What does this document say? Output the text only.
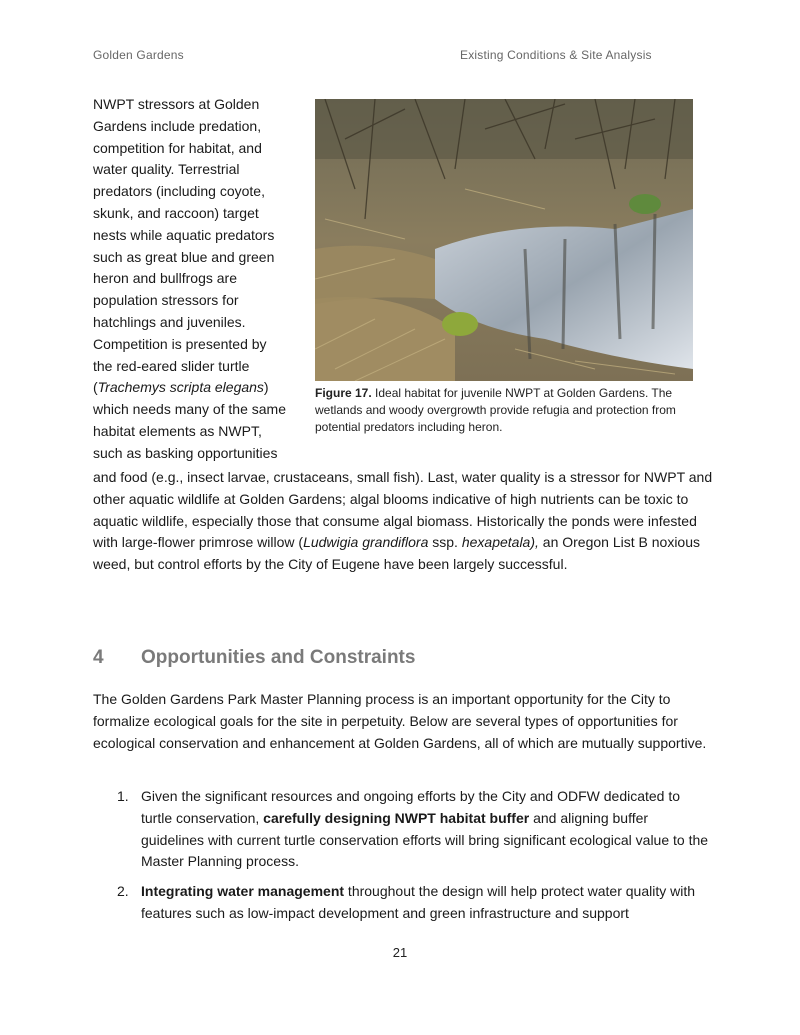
Golden Gardens	Existing Conditions & Site Analysis

NWPT stressors at Golden

Gardens include predation,

competition for habitat, and

water quality. Terrestrial

predators (including coyote,

skunk, and raccoon) target

nests while aquatic predators

such as great blue and green

heron and bullfrogs are

population stressors for

hatchlings and juveniles.

Competition is presented by

the red-eared slider turtle

(Trachemys scripta elegans)

which needs many of the same

habitat elements as NWPT,

such as basking opportunities

Figure 17. Ideal habitat for juvenile NWPT at Golden Gardens. The wetlands and woody overgrowth provide refugia and protection from potential predators including heron.

and food (e.g., insect larvae, crustaceans, small fish). Last, water quality is a stressor for NWPT and other aquatic wildlife at Golden Gardens; algal blooms indicative of high nutrients can be toxic to aquatic wildlife, especially those that consume algal biomass. Historically the ponds were infested with large-flower primrose willow (Ludwigia grandiflora ssp. hexapetala), an Oregon List B noxious weed, but control efforts by the City of Eugene have been largely successful.

4 Opportunities and Constraints

The Golden Gardens Park Master Planning process is an important opportunity for the City to formalize ecological goals for the site in perpetuity. Below are several types of opportunities for ecological conservation and enhancement at Golden Gardens, all of which are mutually supportive.

1. Given the significant resources and ongoing efforts by the City and ODFW dedicated to turtle conservation, carefully designing NWPT habitat buffer and aligning buffer guidelines with current turtle conservation efforts will bring significant ecological value to the Master Planning process.
2. Integrating water management throughout the design will help protect water quality with features such as low-impact development and green infrastructure and support
21
